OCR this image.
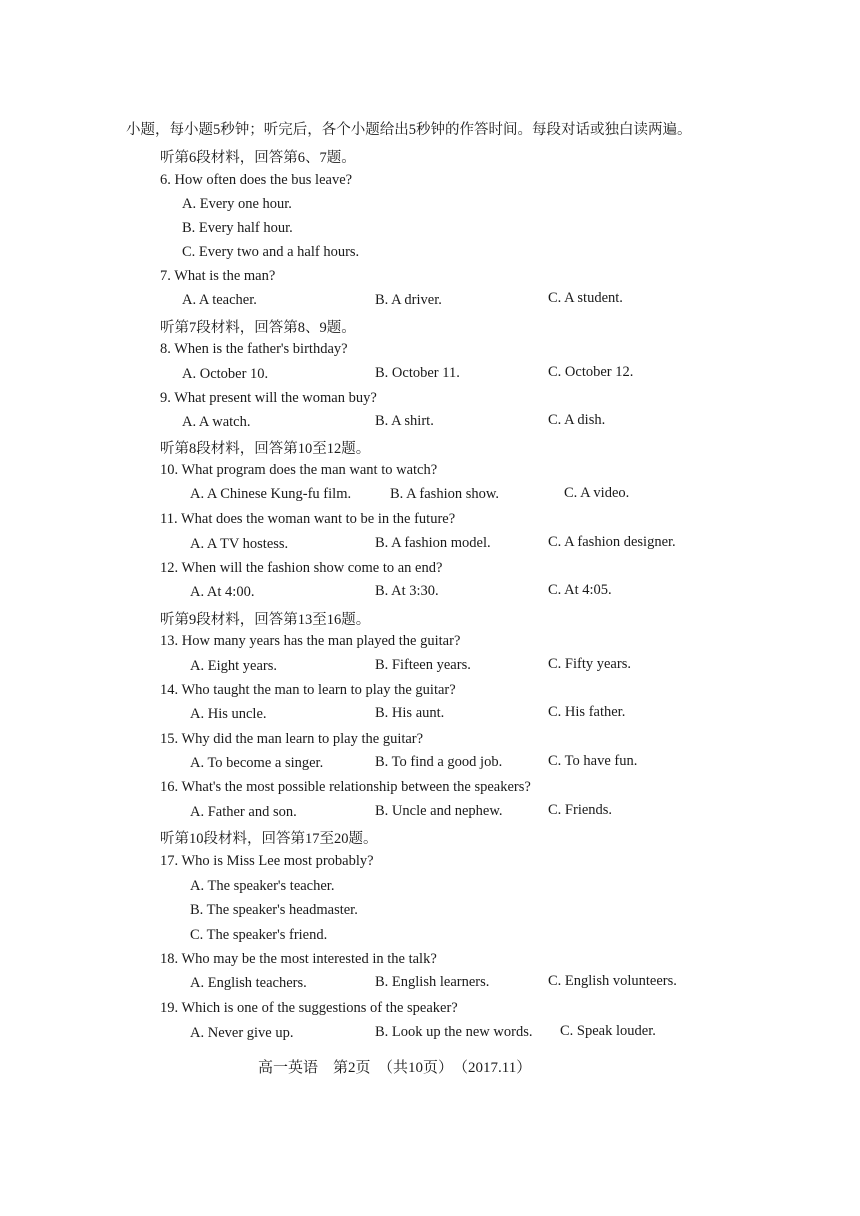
小题，每小题5秒钟；听完后，各个小题给出5秒钟的作答时间。每段对话或独白读两遍。
听第6段材料，回答第6、7题。
6. How often does the bus leave?
A. Every one hour.
B. Every half hour.
C. Every two and a half hours.
7. What is the man?
A. A teacher.	B. A driver.	C. A student.
听第7段材料，回答第8、9题。
8. When is the father's birthday?
A. October 10.	B. October 11.	C. October 12.
9. What present will the woman buy?
A. A watch.	B. A shirt.	C. A dish.
听第8段材料，回答第10至12题。
10. What program does the man want to watch?
A. A Chinese Kung-fu film.	B. A fashion show.	C. A video.
11. What does the woman want to be in the future?
A. A TV hostess.	B. A fashion model.	C. A fashion designer.
12. When will the fashion show come to an end?
A. At 4:00.	B. At 3:30.	C. At 4:05.
听第9段材料，回答第13至16题。
13. How many years has the man played the guitar?
A. Eight years.	B. Fifteen years.	C. Fifty years.
14. Who taught the man to learn to play the guitar?
A. His uncle.	B. His aunt.	C. His father.
15. Why did the man learn to play the guitar?
A. To become a singer.	B. To find a good job.	C. To have fun.
16. What's the most possible relationship between the speakers?
A. Father and son.	B. Uncle and nephew.	C. Friends.
听第10段材料，回答第17至20题。
17. Who is Miss Lee most probably?
A. The speaker's teacher.
B. The speaker's headmaster.
C. The speaker's friend.
18. Who may be the most interested in the talk?
A. English teachers.	B. English learners.	C. English volunteers.
19. Which is one of the suggestions of the speaker?
A. Never give up.	B. Look up the new words. C. Speak louder.
高一英语　第2页　（共10页）　（2017.11）
